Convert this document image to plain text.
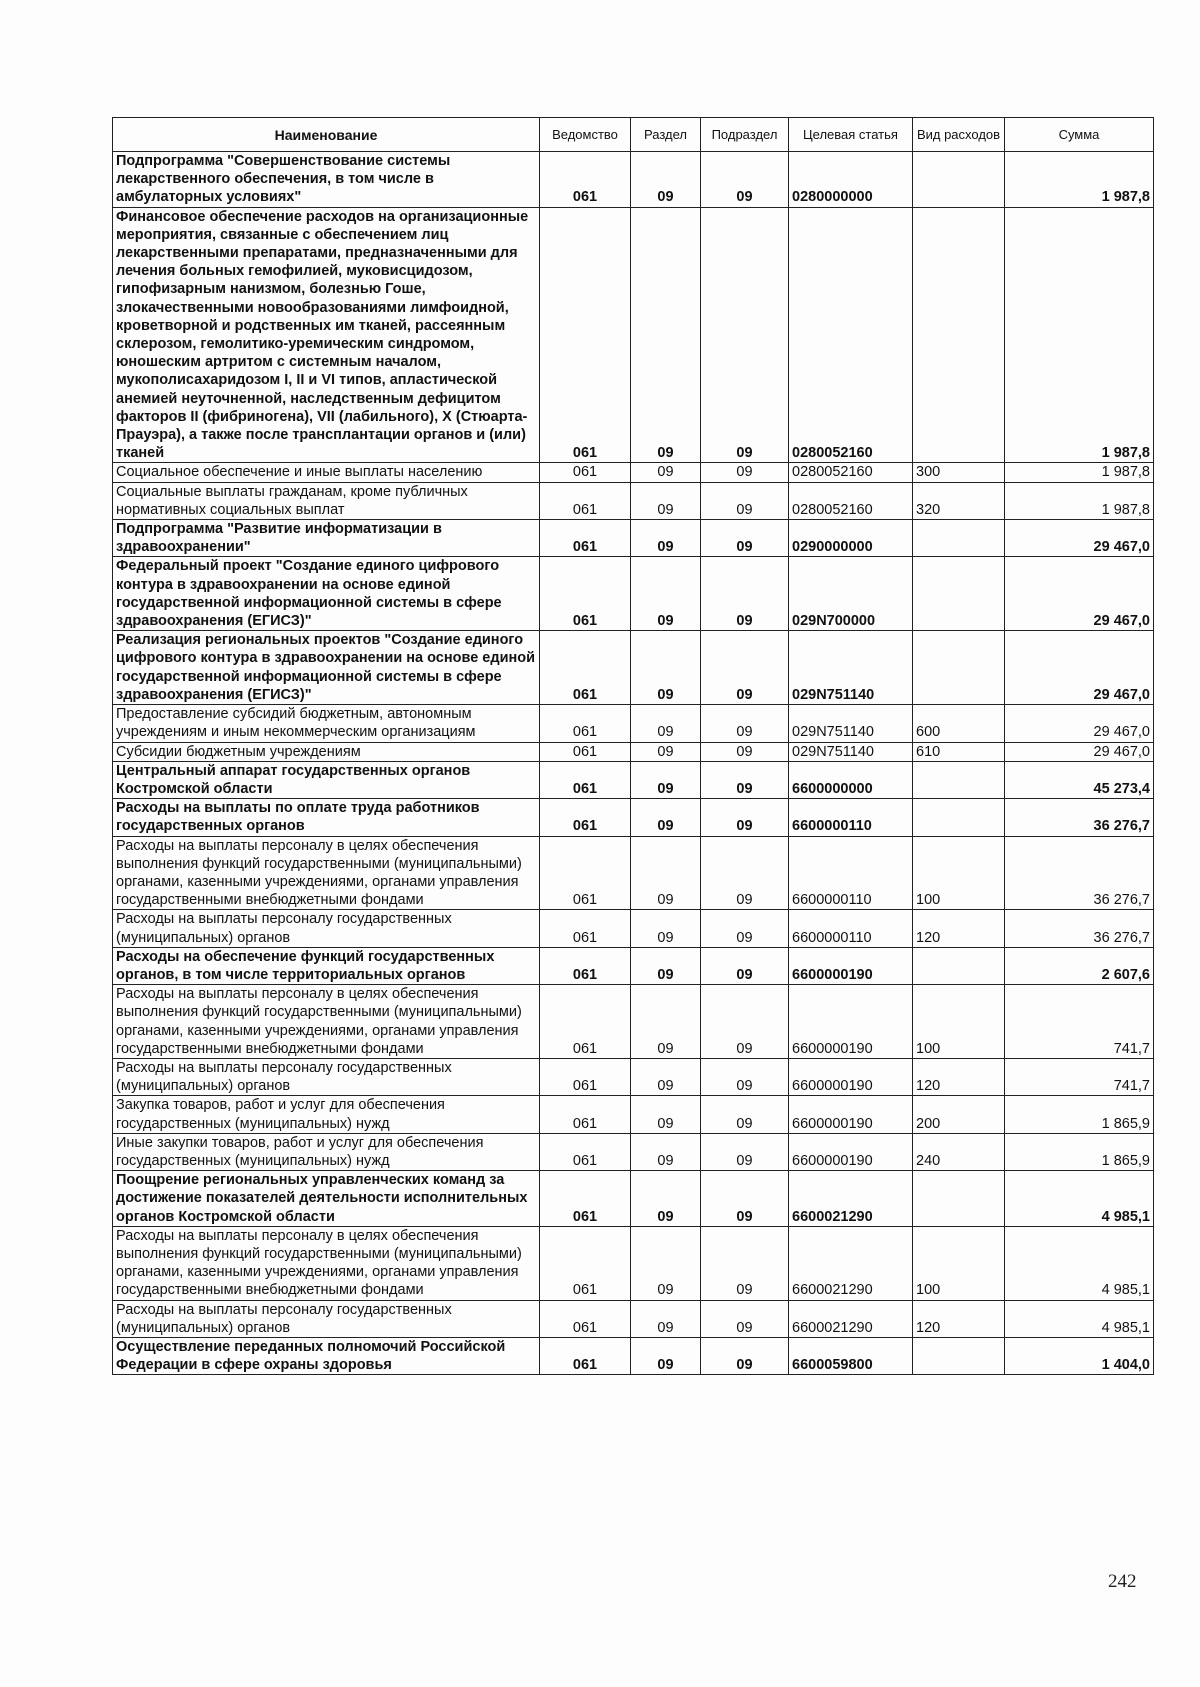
Наименование	Ведомство	Раздел	Подраздел	Целевая статья	Вид расходов	Сумма
Подпрограмма "Совершенствование системы лекарственного обеспечения, в том числе в амбулаторных условиях"	061	09	09	0280000000		1 987,8
Финансовое обеспечение расходов на организационные мероприятия, связанные с обеспечением лиц лекарственными препаратами, предназначенными для лечения больных гемофилией, муковисцидозом, гипофизарным нанизмом, болезнью Гоше, злокачественными новообразованиями лимфоидной, кроветворной и родственных им тканей, рассеянным склерозом, гемолитико-уремическим синдромом, юношеским артритом с системным началом, мукополисахаридозом I, II и VI типов, апластической анемией неуточненной, наследственным дефицитом факторов II (фибриногена), VII (лабильного), X (Стюарта-Прауэра), а также после трансплантации органов и (или) тканей	061	09	09	0280052160		1 987,8
Социальное обеспечение и иные выплаты населению	061	09	09	0280052160	300	1 987,8
Социальные выплаты гражданам, кроме публичных нормативных социальных выплат	061	09	09	0280052160	320	1 987,8
Подпрограмма "Развитие информатизации в здравоохранении"	061	09	09	0290000000		29 467,0
Федеральный проект "Создание единого цифрового контура в здравоохранении на основе единой государственной информационной системы в сфере здравоохранения (ЕГИСЗ)"	061	09	09	029N700000		29 467,0
Реализация региональных проектов "Создание единого цифрового контура в здравоохранении на основе единой государственной информационной системы в сфере здравоохранения (ЕГИСЗ)"	061	09	09	029N751140		29 467,0
Предоставление субсидий бюджетным, автономным учреждениям и иным некоммерческим организациям	061	09	09	029N751140	600	29 467,0
Субсидии бюджетным учреждениям	061	09	09	029N751140	610	29 467,0
Центральный аппарат государственных органов Костромской области	061	09	09	6600000000		45 273,4
Расходы на выплаты по оплате труда работников государственных органов	061	09	09	6600000110		36 276,7
Расходы на выплаты персоналу в целях обеспечения выполнения функций государственными (муниципальными) органами, казенными учреждениями, органами управления государственными внебюджетными фондами	061	09	09	6600000110	100	36 276,7
Расходы на выплаты персоналу государственных (муниципальных) органов	061	09	09	6600000110	120	36 276,7
Расходы на обеспечение функций государственных органов, в том числе территориальных органов	061	09	09	6600000190		2 607,6
Расходы на выплаты персоналу в целях обеспечения выполнения функций государственными (муниципальными) органами, казенными учреждениями, органами управления государственными внебюджетными фондами	061	09	09	6600000190	100	741,7
Расходы на выплаты персоналу государственных (муниципальных) органов	061	09	09	6600000190	120	741,7
Закупка товаров, работ и услуг для обеспечения государственных (муниципальных) нужд	061	09	09	6600000190	200	1 865,9
Иные закупки товаров, работ и услуг для обеспечения государственных (муниципальных) нужд	061	09	09	6600000190	240	1 865,9
Поощрение региональных управленческих команд за достижение показателей деятельности исполнительных органов Костромской области	061	09	09	6600021290		4 985,1
Расходы на выплаты персоналу в целях обеспечения выполнения функций государственными (муниципальными) органами, казенными учреждениями, органами управления государственными внебюджетными фондами	061	09	09	6600021290	100	4 985,1
Расходы на выплаты персоналу государственных (муниципальных) органов	061	09	09	6600021290	120	4 985,1
Осуществление переданных полномочий Российской Федерации в сфере охраны здоровья	061	09	09	6600059800		1 404,0
242
